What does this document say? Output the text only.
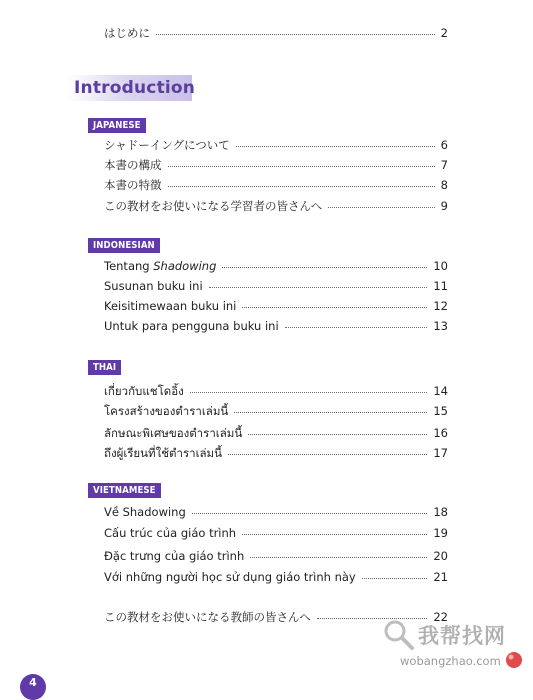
はじめに	2
Introduction
JAPANESE
シャドーイングについて	6
本書の構成	7
本書の特徴	8
この教材をお使いになる学習者の皆さんへ	9
INDONESIAN
Tentang Shadowing	10
Susunan buku ini	11
Keisitimewaan buku ini	12
Untuk para pengguna buku ini	13
THAI
เกี่ยวกับแชโดอิ้ง	14
โครงสร้างของตำราเล่มนี้	15
ลักษณะพิเศษของตำราเล่มนี้	16
ถึงผู้เรียนที่ใช้ตำราเล่มนี้	17
VIETNAMESE
Về Shadowing	18
Cấu trúc của giáo trình	19
Đặc trưng của giáo trình	20
Với những người học sử dụng giáo trình này	21
この教材をお使いになる教師の皆さんへ	22
4
我帮找网
wobangzhao.com
